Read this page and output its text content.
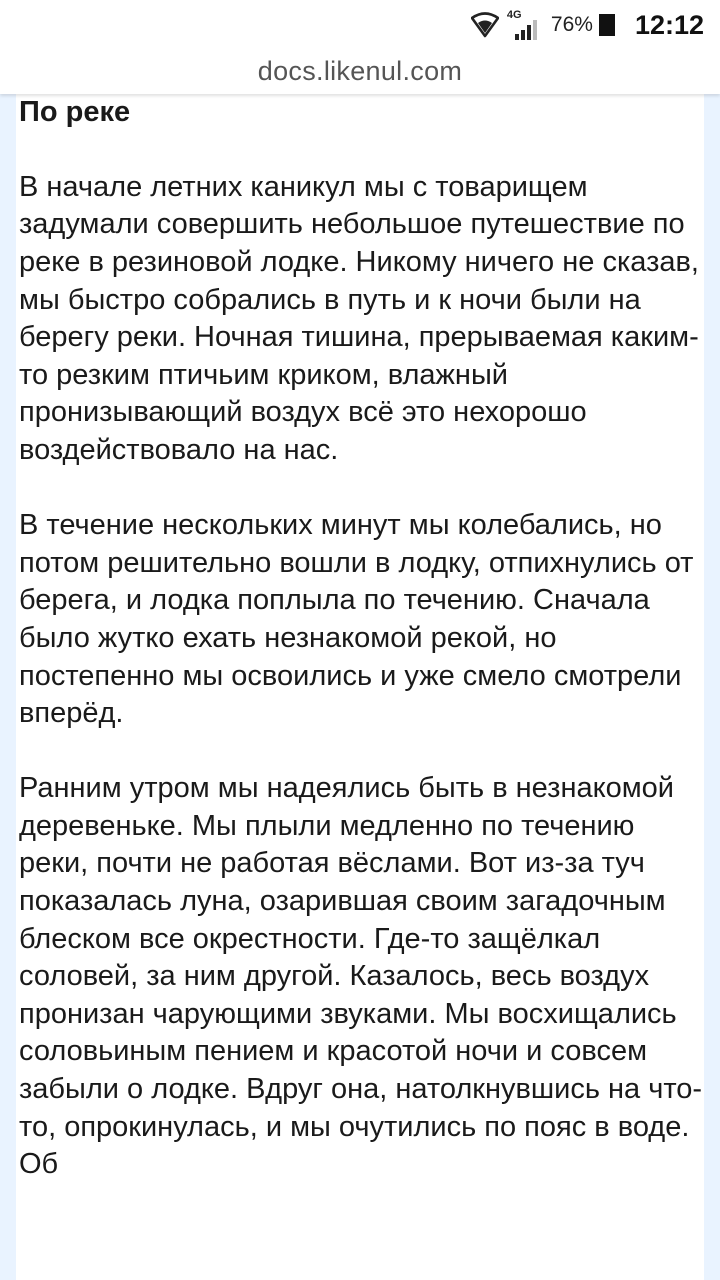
По реке

В начале летних каникул мы с товарищем задумали совершить небольшое путешествие по реке в резиновой лодке. Никому ничего не сказав, мы быстро собрались в путь и к ночи были на берегу реки. Ночная тишина, прерываемая каким-то резким птичьим криком, влажный пронизывающий воздух всё это нехорошо воздействовало на нас.

В течение нескольких минут мы колебались, но потом решительно вошли в лодку, отпихнулись от берега, и лодка поплыла по течению. Сначала было жутко ехать незнакомой рекой, но постепенно мы освоились и уже смело смотрели вперёд.

Ранним утром мы надеялись быть в незнакомой деревеньке. Мы плыли медленно по течению реки, почти не работая вёслами. Вот из-за туч показалась луна, озарившая своим загадочным блеском все окрестности. Где-то защёлкал соловей, за ним другой. Казалось, весь воздух пронизан чарующими звуками. Мы восхищались соловьиным пением и красотой ночи и совсем забыли о лодке. Вдруг она, натолкнувшись на что-то, опрокинулась, и мы очутились по пояс в воде. Об

docs.likenul.com
4G 76% 12:12
